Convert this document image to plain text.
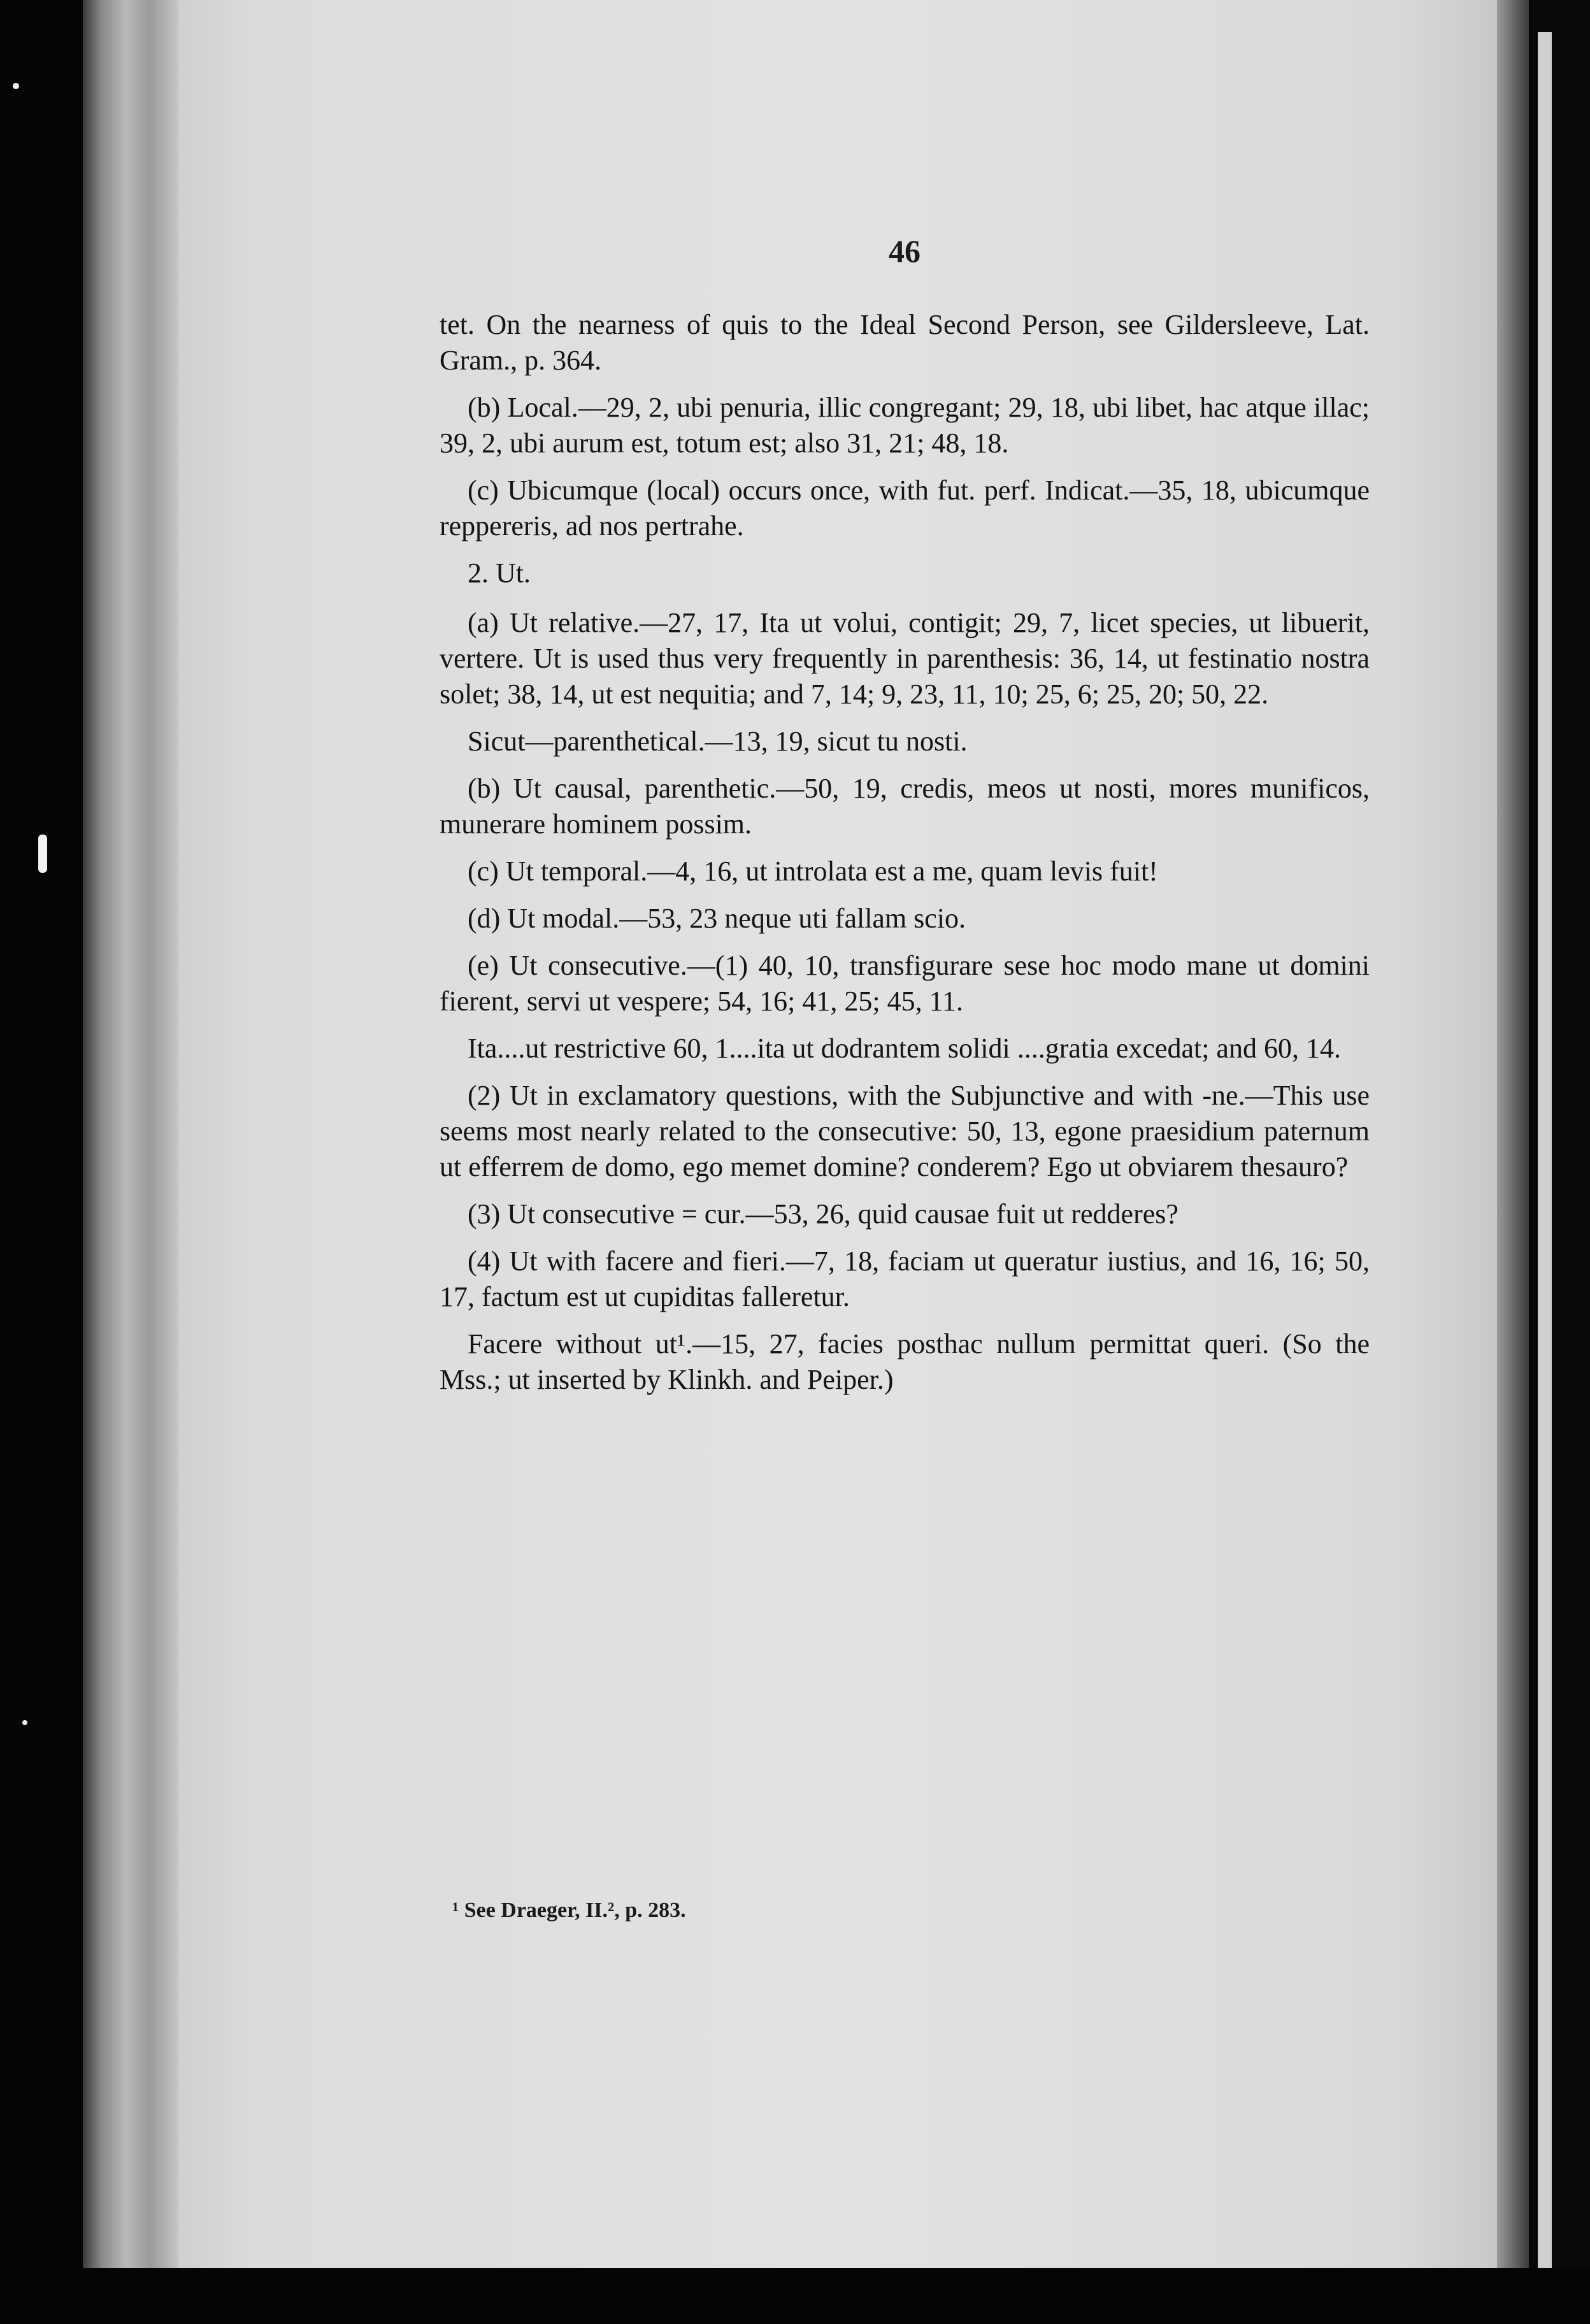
46

tet. On the nearness of quis to the Ideal Second Person, see Gildersleeve, Lat. Gram., p. 364.

(b) Local.—29, 2, ubi penuria, illic congregant; 29, 18, ubi libet, hac atque illac; 39, 2, ubi aurum est, totum est; also 31, 21; 48, 18.

(c) Ubicumque (local) occurs once, with fut. perf. Indicat.—35, 18, ubicumque reppereris, ad nos pertrahe.

2. Ut.

(a) Ut relative.—27, 17, Ita ut volui, contigit; 29, 7, licet species, ut libuerit, vertere. Ut is used thus very frequently in parenthesis: 36, 14, ut festinatio nostra solet; 38, 14, ut est nequitia; and 7, 14; 9, 23, 11, 10; 25, 6; 25, 20; 50, 22.

Sicut—parenthetical.—13, 19, sicut tu nosti.

(b) Ut causal, parenthetic.—50, 19, credis, meos ut nosti, mores munificos, munerare hominem possim.

(c) Ut temporal.—4, 16, ut introlata est a me, quam levis fuit!

(d) Ut modal.—53, 23 neque uti fallam scio.

(e) Ut consecutive.—(1) 40, 10, transfigurare sese hoc modo mane ut domini fierent, servi ut vespere; 54, 16; 41, 25; 45, 11.

Ita....ut restrictive 60, 1....ita ut dodrantem solidi ....gratia excedat; and 60, 14.

(2) Ut in exclamatory questions, with the Subjunctive and with -ne.—This use seems most nearly related to the consecutive: 50, 13, egone praesidium paternum ut efferrem de domo, ego memet domine? conderem? Ego ut obviarem thesauro?

(3) Ut consecutive = cur.—53, 26, quid causae fuit ut redderes?

(4) Ut with facere and fieri.—7, 18, faciam ut queratur iustius, and 16, 16; 50, 17, factum est ut cupiditas falleretur.

Facere without ut¹.—15, 27, facies posthac nullum permittat queri. (So the Mss.; ut inserted by Klinkh. and Peiper.)

¹ See Draeger, II.², p. 283.
